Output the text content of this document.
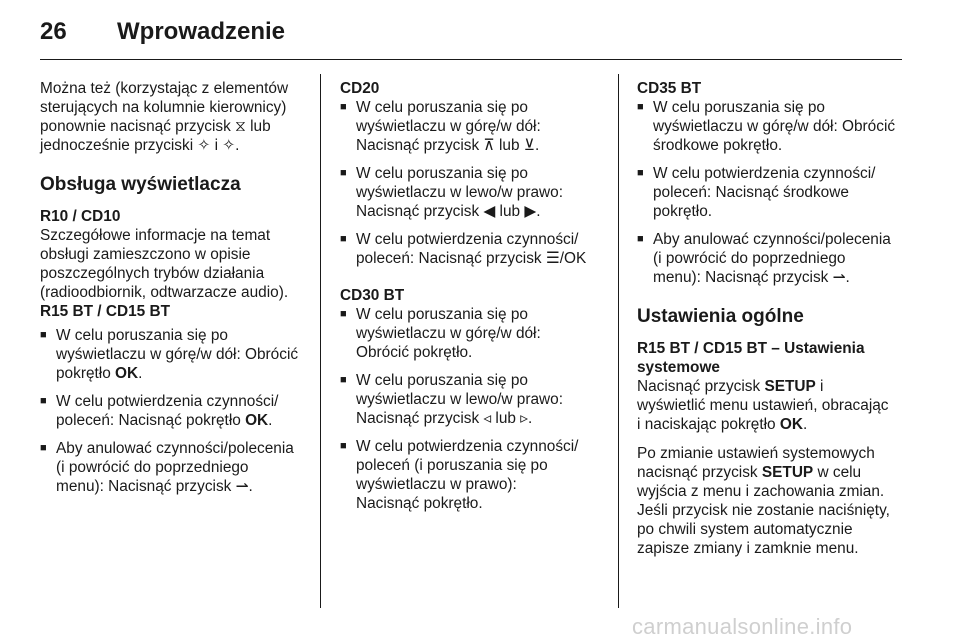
26 Wprowadzenie

Można też (korzystając z elementów
sterujących na kolumnie kierownicy)
ponownie nacisnąć przycisk ⧖ lub
jednocześnie przyciski ✧ i ✧.

Obsługa wyświetlacza

R10 / CD10

Szczegółowe informacje na temat
obsługi zamieszczono w opisie
poszczególnych trybów działania
(radioodbiornik, odtwarzacze audio).

R15 BT / CD15 BT

■ W celu poruszania się po
wyświetlaczu w górę/w dół: Obrócić
pokrętło OK.
■ W celu potwierdzenia czynności/
poleceń: Nacisnąć pokrętło OK.
■ Aby anulować czynności/polecenia
(i powrócić do poprzedniego
menu): Nacisnąć przycisk ⇀.

CD20

■ W celu poruszania się po
wyświetlaczu w górę/w dół:
Nacisnąć przycisk ⊼ lub ⊻.
■ W celu poruszania się po
wyświetlaczu w lewo/w prawo:
Nacisnąć przycisk ◀ lub ▶.
■ W celu potwierdzenia czynności/
poleceń: Nacisnąć przycisk ☰/OK

CD30 BT

■ W celu poruszania się po
wyświetlaczu w górę/w dół:
Obrócić pokrętło.
■ W celu poruszania się po
wyświetlaczu w lewo/w prawo:
Nacisnąć przycisk ◃ lub ▹.
■ W celu potwierdzenia czynności/
poleceń (i poruszania się po
wyświetlaczu w prawo):
Nacisnąć pokrętło.

CD35 BT

■ W celu poruszania się po
wyświetlaczu w górę/w dół: Obrócić
środkowe pokrętło.
■ W celu potwierdzenia czynności/
poleceń: Nacisnąć środkowe
pokrętło.
■ Aby anulować czynności/polecenia
(i powrócić do poprzedniego
menu): Nacisnąć przycisk ⇀.
Ustawienia ogólne

R15 BT / CD15 BT – Ustawienia
systemowe

Nacisnąć przycisk SETUP i
wyświetlić menu ustawień, obracając
i naciskając pokrętło OK.

Po zmianie ustawień systemowych
nacisnąć przycisk SETUP w celu
wyjścia z menu i zachowania zmian.
Jeśli przycisk nie zostanie naciśnięty,
po chwili system automatycznie
zapisze zmiany i zamknie menu.

carmanualsonline.info
